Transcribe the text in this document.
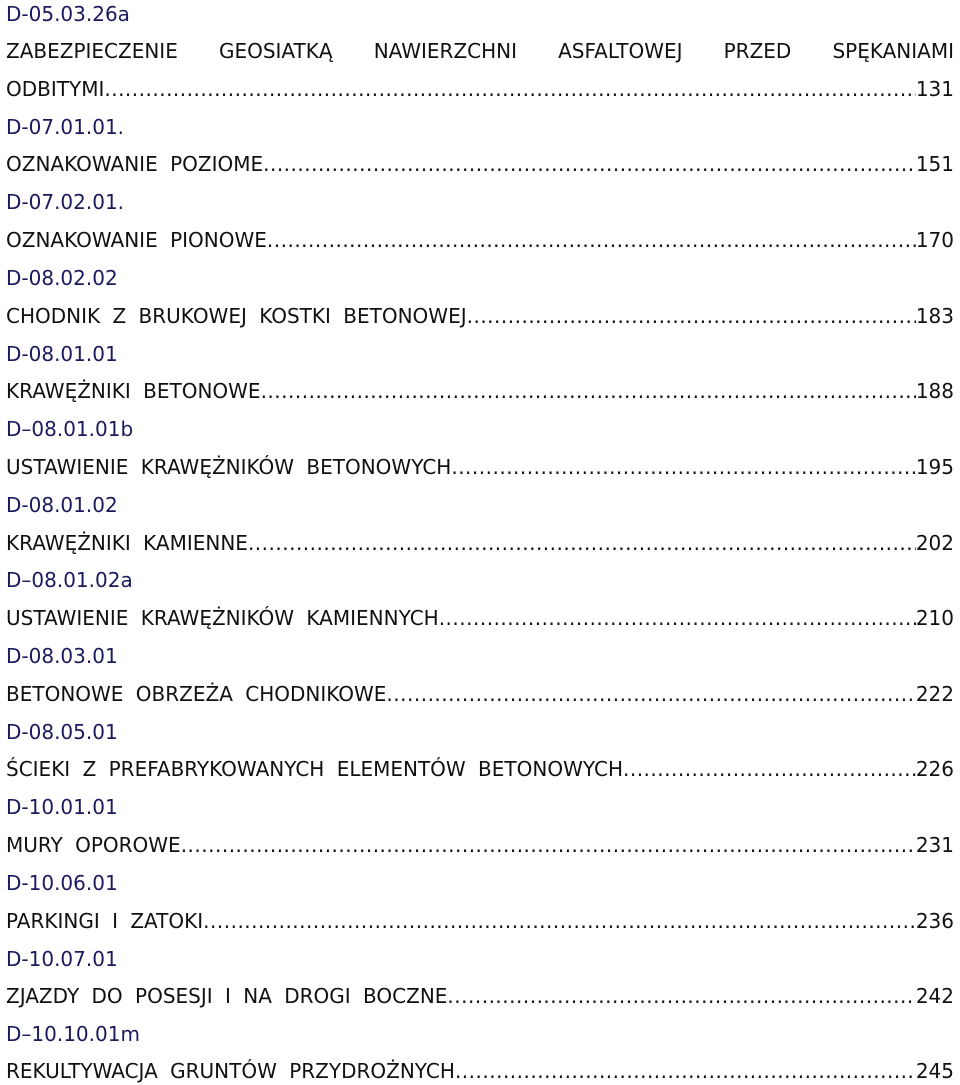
D-05.03.26a
ZABEZPIECZENIE GEOSIATKĄ NAWIERZCHNI ASFALTOWEJ PRZED SPĘKANIAMI
ODBITYMI .....	131
D-07.01.01.
OZNAKOWANIE POZIOME .....	151
D-07.02.01.
OZNAKOWANIE PIONOWE .....	170
D-08.02.02
CHODNIK Z BRUKOWEJ KOSTKI BETONOWEJ .....	183
D-08.01.01
KRAWĘŻNIKI BETONOWE .....	188
D–08.01.01b
USTAWIENIE KRAWĘŻNIKÓW BETONOWYCH .....	195
D-08.01.02
KRAWĘŻNIKI KAMIENNE .....	202
D–08.01.02a
USTAWIENIE KRAWĘŻNIKÓW KAMIENNYCH .....	210
D-08.03.01
BETONOWE OBRZEŻA CHODNIKOWE .....	222
D-08.05.01
ŚCIEKI Z PREFABRYKOWANYCH ELEMENTÓW BETONOWYCH .....	226
D-10.01.01
MURY OPOROWE .....	231
D-10.06.01
PARKINGI I ZATOKI .....	236
D-10.07.01
ZJAZDY DO POSESJI I NA DROGI BOCZNE .....	242
D–10.10.01m
REKULTYWACJA GRUNTÓW PRZYDROŻNYCH .....	245
